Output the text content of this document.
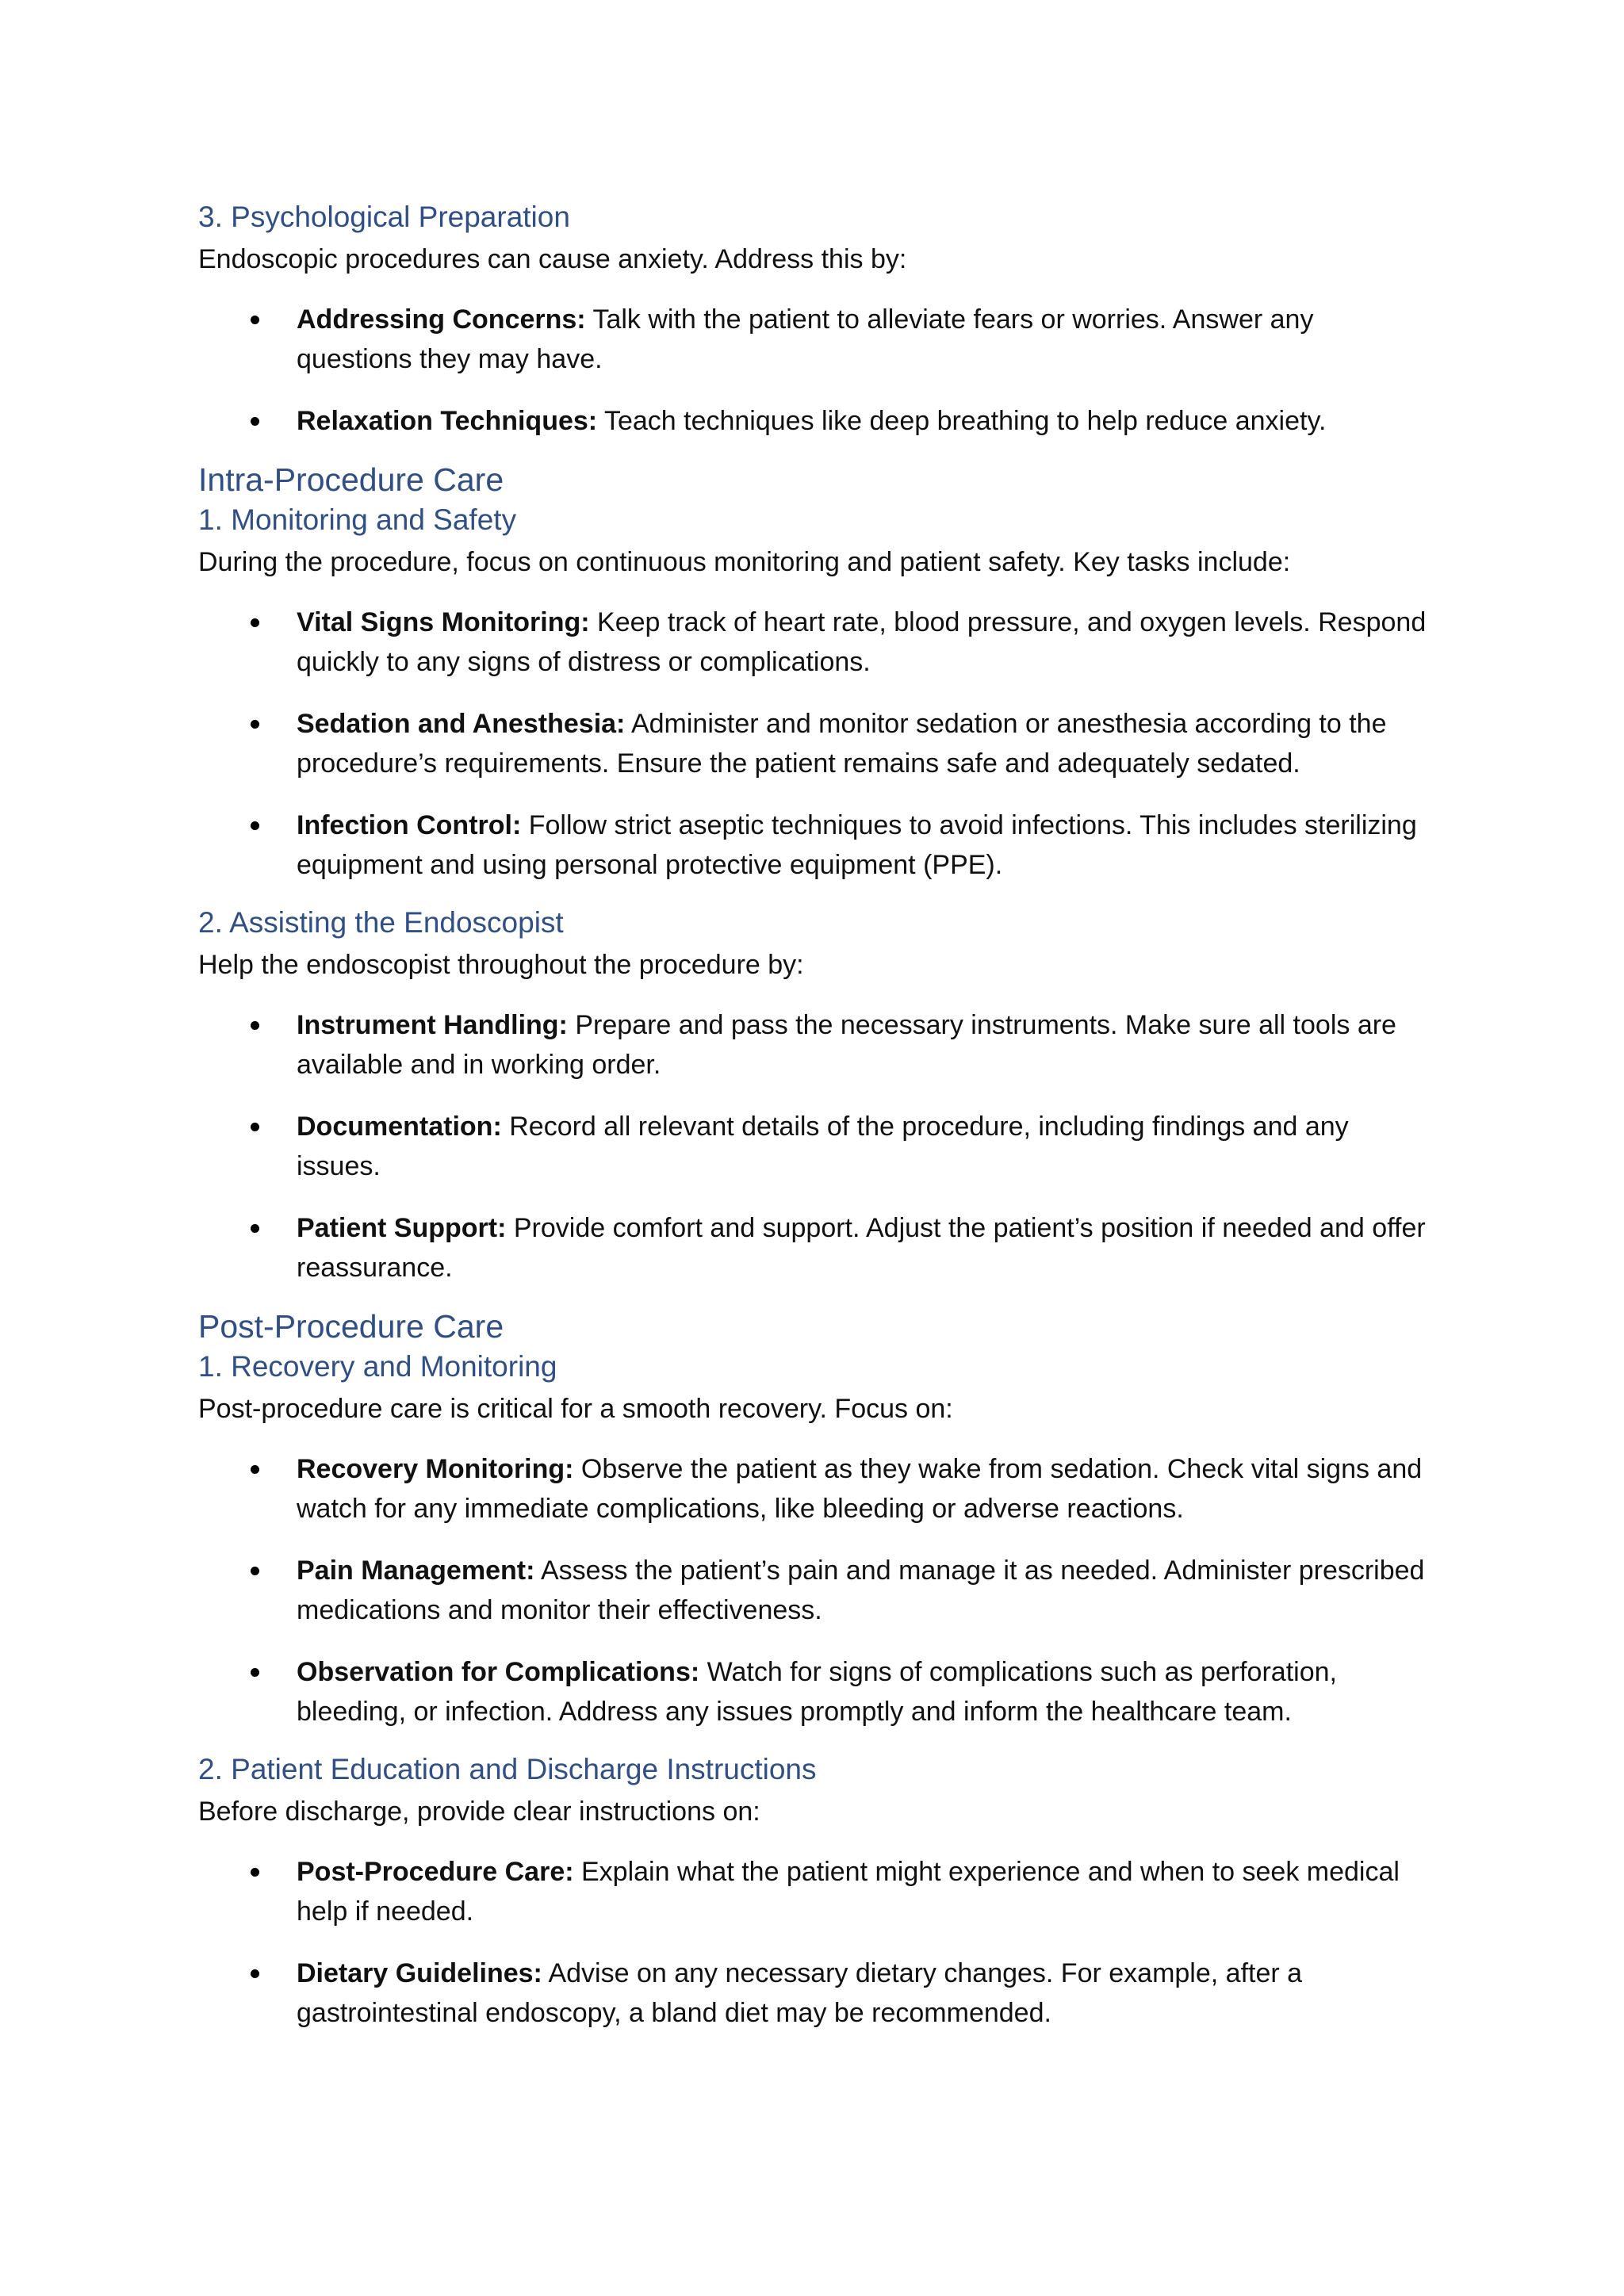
3. Psychological Preparation
Endoscopic procedures can cause anxiety. Address this by:
Addressing Concerns: Talk with the patient to alleviate fears or worries. Answer any questions they may have.
Relaxation Techniques: Teach techniques like deep breathing to help reduce anxiety.
Intra-Procedure Care
1. Monitoring and Safety
During the procedure, focus on continuous monitoring and patient safety. Key tasks include:
Vital Signs Monitoring: Keep track of heart rate, blood pressure, and oxygen levels. Respond quickly to any signs of distress or complications.
Sedation and Anesthesia: Administer and monitor sedation or anesthesia according to the procedure’s requirements. Ensure the patient remains safe and adequately sedated.
Infection Control: Follow strict aseptic techniques to avoid infections. This includes sterilizing equipment and using personal protective equipment (PPE).
2. Assisting the Endoscopist
Help the endoscopist throughout the procedure by:
Instrument Handling: Prepare and pass the necessary instruments. Make sure all tools are available and in working order.
Documentation: Record all relevant details of the procedure, including findings and any issues.
Patient Support: Provide comfort and support. Adjust the patient’s position if needed and offer reassurance.
Post-Procedure Care
1. Recovery and Monitoring
Post-procedure care is critical for a smooth recovery. Focus on:
Recovery Monitoring: Observe the patient as they wake from sedation. Check vital signs and watch for any immediate complications, like bleeding or adverse reactions.
Pain Management: Assess the patient’s pain and manage it as needed. Administer prescribed medications and monitor their effectiveness.
Observation for Complications: Watch for signs of complications such as perforation, bleeding, or infection. Address any issues promptly and inform the healthcare team.
2. Patient Education and Discharge Instructions
Before discharge, provide clear instructions on:
Post-Procedure Care: Explain what the patient might experience and when to seek medical help if needed.
Dietary Guidelines: Advise on any necessary dietary changes. For example, after a gastrointestinal endoscopy, a bland diet may be recommended.
